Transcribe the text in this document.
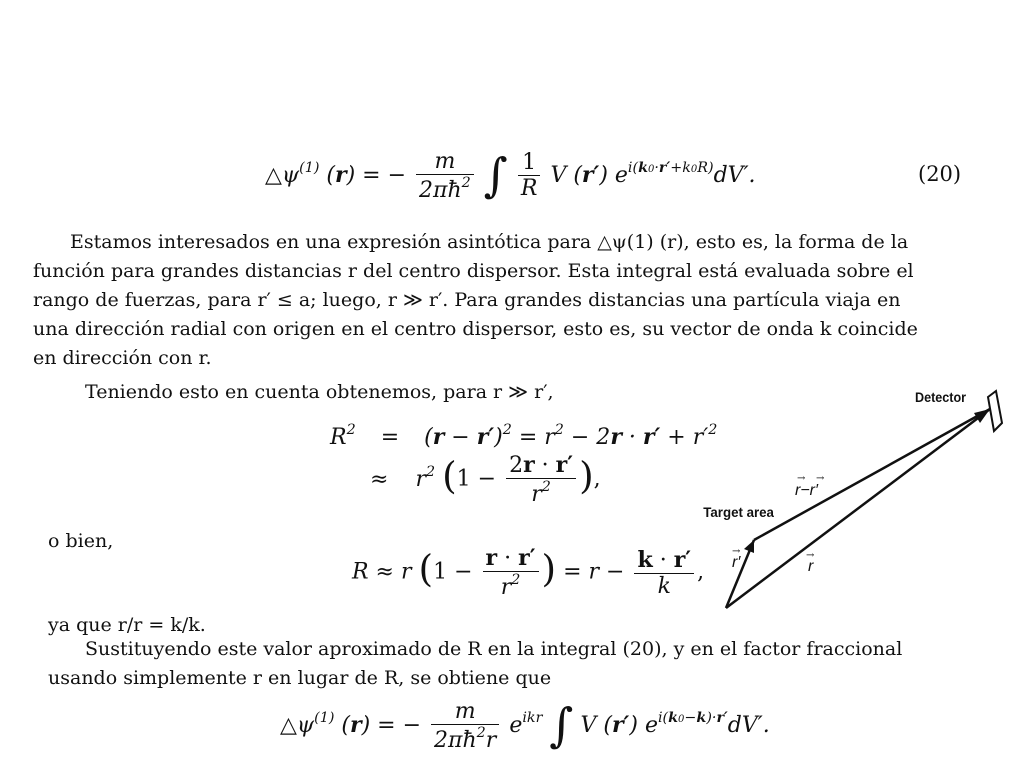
$\triangle\psi^{(1)}$ (r) = − $\frac{m}{2\pi ħ^2}$ ∫ $\frac{1}{R}$ V (r′) $e^{i(k0\cdot r'+k0R)}dV'$.	(20)

Estamos interesados en una expresión asintótica para △ψ(1) (r), esto es, la forma de la

función para grandes distancias r del centro dispersor. Esta integral está evaluada sobre el

rango de fuerzas, para r′ ≤ a; luego, r ≫ r′. Para grandes distancias una partícula viaja en

una dirección radial con origen en el centro dispersor, esto es, su vector de onda k coincide

en dirección con r.

Teniendo esto en cuenta obtenemos, para r ≫ r′,
$R^2 = (r - r')^2 = r^2 - 2r \cdot r' + r'^2$
≈ $r^2$ ($1 - \frac{2r \cdot r'}{r^2}$ ),
o bien,
R ≈ r ($1 - \frac{r \cdot r'}{r^2}$ ) = $r - \frac{k \cdot r'}{k}$ ,
ya que r/r = k/k.

Sustituyendo este valor aproximado de R en la integral (20), y en el factor fraccional

usando simplemente r en lugar de R, se obtiene que

$\triangle\psi^{(1)}$ (r) = − $\frac{m}{2\pi ħ^2r} e^{ikr}$ ∫ V (r′) $e^{i(k0-k)\cdot r'}dV'$.
Detector
Target area
r−r′
r′	r
→ →
→	→
